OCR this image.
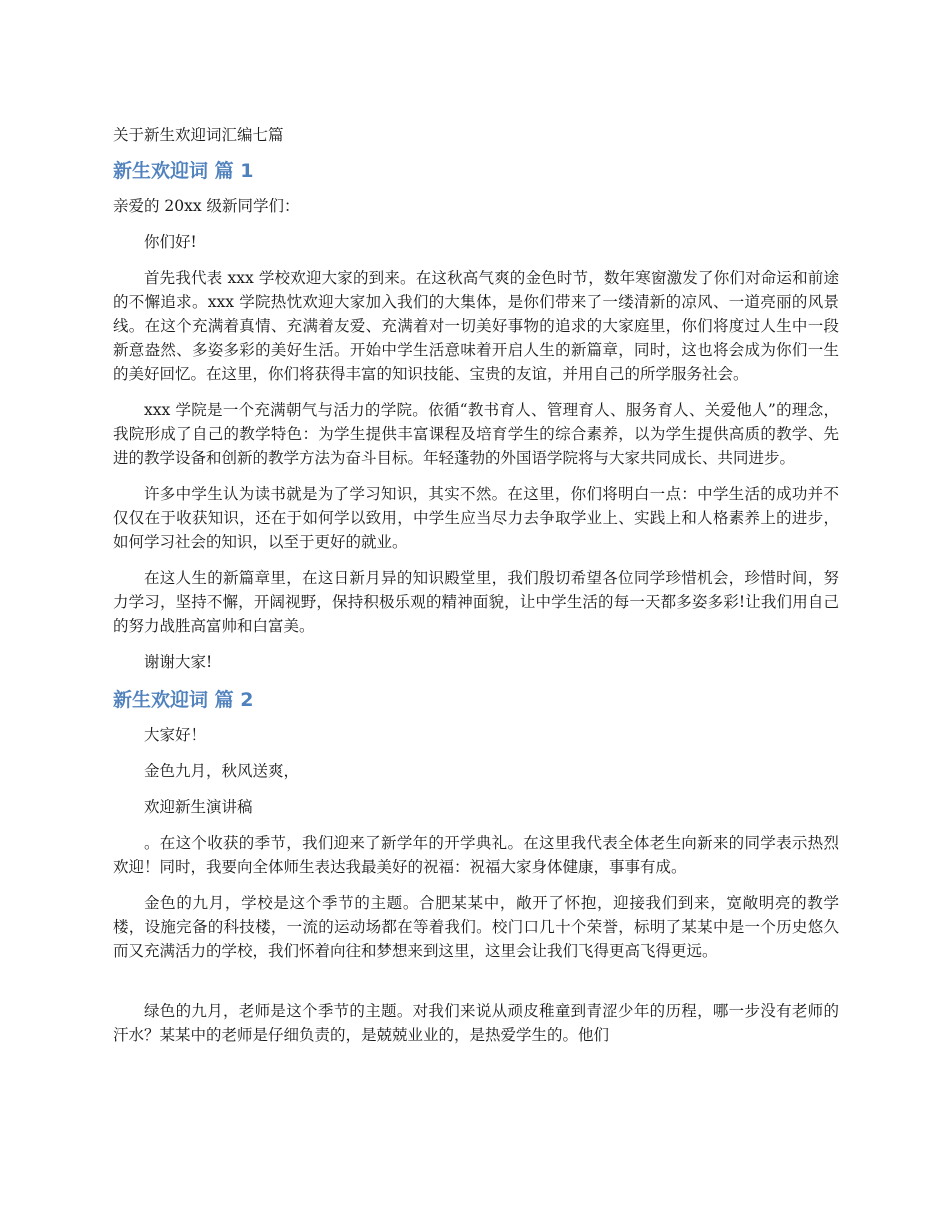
关于新生欢迎词汇编七篇
新生欢迎词 篇 1

亲爱的 20xx 级新同学们：

你们好!

首先我代表 xxx 学校欢迎大家的到来。在这秋高气爽的金色时节，数年寒窗激发了你们对命运和前途的不懈追求。xxx 学院热忱欢迎大家加入我们的大集体，是你们带来了一缕清新的凉风、一道亮丽的风景线。在这个充满着真情、充满着友爱、充满着对一切美好事物的追求的大家庭里，你们将度过人生中一段新意盎然、多姿多彩的美好生活。开始中学生活意味着开启人生的新篇章，同时，这也将会成为你们一生的美好回忆。在这里，你们将获得丰富的知识技能、宝贵的友谊，并用自己的所学服务社会。

xxx 学院是一个充满朝气与活力的学院。依循“教书育人、管理育人、服务育人、关爱他人”的理念，我院形成了自己的教学特色：为学生提供丰富课程及培育学生的综合素养，以为学生提供高质的教学、先进的教学设备和创新的教学方法为奋斗目标。年轻蓬勃的外国语学院将与大家共同成长、共同进步。

许多中学生认为读书就是为了学习知识，其实不然。在这里，你们将明白一点：中学生活的成功并不仅仅在于收获知识，还在于如何学以致用，中学生应当尽力去争取学业上、实践上和人格素养上的进步，如何学习社会的知识，以至于更好的就业。

在这人生的新篇章里，在这日新月异的知识殿堂里，我们殷切希望各位同学珍惜机会，珍惜时间，努力学习，坚持不懈，开阔视野，保持积极乐观的精神面貌，让中学生活的每一天都多姿多彩!让我们用自己的努力战胜高富帅和白富美。

谢谢大家!

新生欢迎词 篇 2

大家好！

金色九月，秋风送爽，

欢迎新生演讲稿

。在这个收获的季节，我们迎来了新学年的开学典礼。在这里我代表全体老生向新来的同学表示热烈欢迎！同时，我要向全体师生表达我最美好的祝福：祝福大家身体健康，事事有成。

金色的九月，学校是这个季节的主题。合肥某某中，敞开了怀抱，迎接我们到来，宽敞明亮的教学楼，设施完备的科技楼，一流的运动场都在等着我们。校门口几十个荣誉，标明了某某中是一个历史悠久而又充满活力的学校，我们怀着向往和梦想来到这里，这里会让我们飞得更高飞得更远。

绿色的九月，老师是这个季节的主题。对我们来说从顽皮稚童到青涩少年的历程，哪一步没有老师的汗水？某某中的老师是仔细负责的，是兢兢业业的，是热爱学生的。他们
